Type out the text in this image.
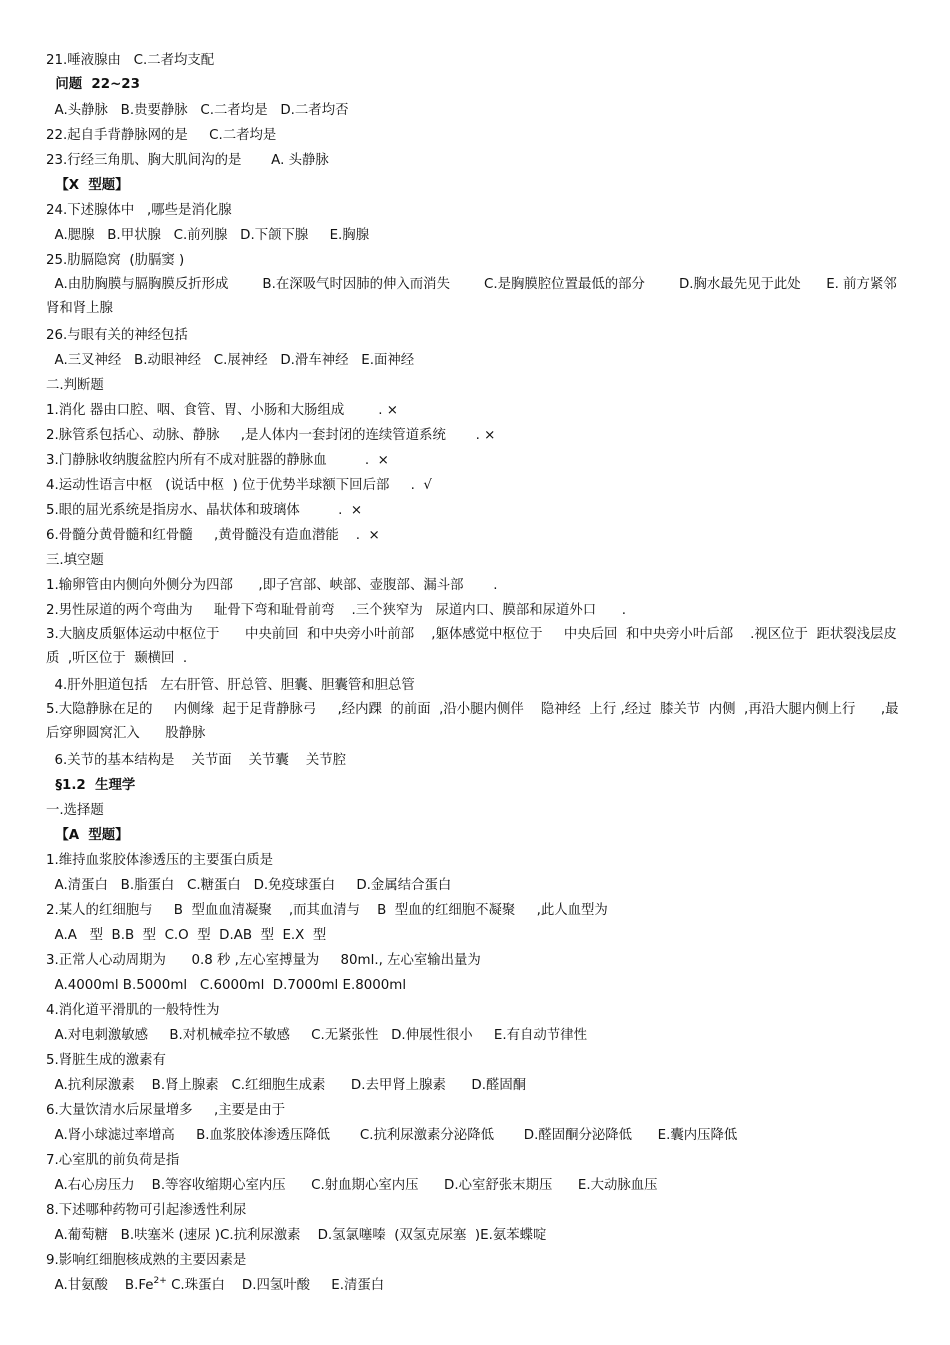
21.唾液腺由   C.二者均支配
问题  22~23
A.头静脉   B.贵要静脉   C.二者均是   D.二者均否
22.起自手背静脉网的是     C.二者均是
23.行经三角肌、胸大肌间沟的是       A. 头静脉
【X  型题】
24.下述腺体中   ,哪些是消化腺
A.腮腺   B.甲状腺   C.前列腺   D.下颌下腺     E.胸腺
25.肋膈隐窝  (肋膈窦 )
A.由肋胸膜与膈胸膜反折形成        B.在深吸气时因肺的伸入而消失        C.是胸膜腔位置最低的部分        D.胸水最先见于此处      E. 前方紧邻肾和肾上腺
26.与眼有关的神经包括
A.三叉神经   B.动眼神经   C.展神经   D.滑车神经   E.面神经
二.判断题
1.消化 器由口腔、咽、食管、胃、小肠和大肠组成        . ×
2.脉管系包括心、动脉、静脉     ,是人体内一套封闭的连续管道系统       . ×
3.门静脉收纳腹盆腔内所有不成对脏器的静脉血         .  ×
4.运动性语言中枢   (说话中枢  ) 位于优势半球额下回后部     .  √
5.眼的屈光系统是指房水、晶状体和玻璃体         .  ×
6.骨髓分黄骨髓和红骨髓     ,黄骨髓没有造血潜能    .  ×
三.填空题
1.输卵管由内侧向外侧分为四部      ,即子宫部、峡部、壶腹部、漏斗部       .
2.男性尿道的两个弯曲为     耻骨下弯和耻骨前弯    .三个狭窄为   尿道内口、膜部和尿道外口      .
3.大脑皮质躯体运动中枢位于      中央前回  和中央旁小叶前部    ,躯体感觉中枢位于     中央后回  和中央旁小叶后部    .视区位于  距状裂浅层皮质  ,听区位于  颞横回  .
4.肝外胆道包括   左右肝管、肝总管、胆囊、胆囊管和胆总管
5.大隐静脉在足的     内侧缘  起于足背静脉弓     ,经内踝  的前面  ,沿小腿内侧伴    隐神经  上行 ,经过  膝关节  内侧  ,再沿大腿内侧上行      ,最后穿卵圆窝汇入      股静脉
6.关节的基本结构是    关节面    关节囊    关节腔
§1.2  生理学
一.选择题
【A  型题】
1.维持血浆胶体渗透压的主要蛋白质是
A.清蛋白   B.脂蛋白   C.糖蛋白   D.免疫球蛋白     D.金属结合蛋白
2.某人的红细胞与     B  型血血清凝聚    ,而其血清与    B  型血的红细胞不凝聚     ,此人血型为
A.A   型  B.B  型  C.O  型  D.AB  型  E.X  型
3.正常人心动周期为      0.8 秒 ,左心室搏量为     80ml., 左心室输出量为
A.4000ml B.5000ml   C.6000ml  D.7000ml E.8000ml
4.消化道平滑肌的一般特性为
A.对电刺激敏感     B.对机械牵拉不敏感     C.无紧张性   D.伸展性很小     E.有自动节律性
5.肾脏生成的激素有
A.抗利尿激素    B.肾上腺素   C.红细胞生成素      D.去甲肾上腺素      D.醛固酮
6.大量饮清水后尿量增多     ,主要是由于
A.肾小球滤过率增高     B.血浆胶体渗透压降低       C.抗利尿激素分泌降低       D.醛固酮分泌降低      E.囊内压降低
7.心室肌的前负荷是指
A.右心房压力    B.等容收缩期心室内压      C.射血期心室内压      D.心室舒张末期压      E.大动脉血压
8.下述哪种药物可引起渗透性利尿
A.葡萄糖   B.呋塞米 (速尿 )C.抗利尿激素    D.氢氯噻嗪  (双氢克尿塞  )E.氨苯蝶啶
9.影响红细胞核成熟的主要因素是
A.甘氨酸    $B.Fe^{2+}$ C.珠蛋白    D.四氢叶酸     E.清蛋白
